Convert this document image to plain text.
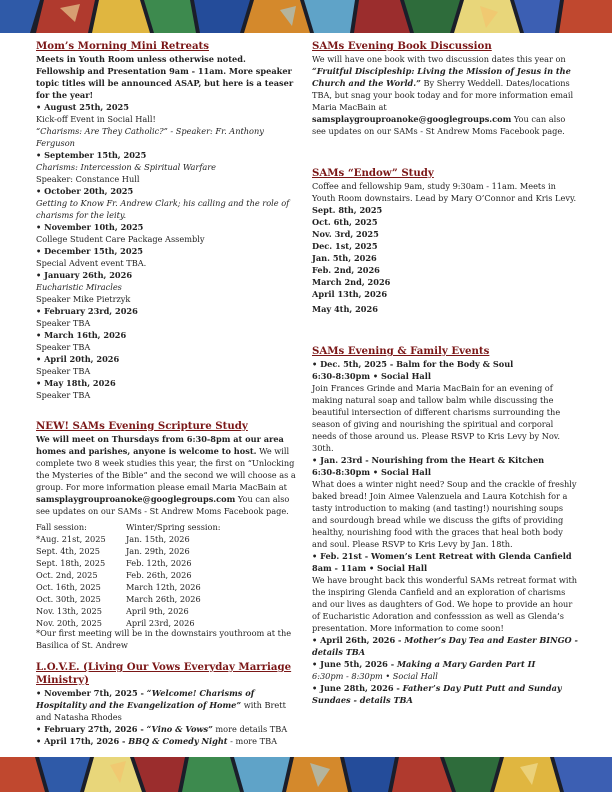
Mom’s Morning Mini Retreats
Meets in Youth Room unless otherwise noted.
Fellowship and Presentation 9am - 11am. More speaker topic titles will be announced ASAP, but here is a teaser for the year!
• August 25th, 2025
Kick-off Event in Social Hall!
“Charisms: Are They Catholic?” - Speaker: Fr. Anthony Ferguson
• September 15th, 2025
Charisms: Intercession & Spiritual Warfare
Speaker: Constance Hull
• October 20th, 2025
Getting to Know Fr. Andrew Clark; his calling and the role of charisms for the leity.
• November 10th, 2025
College Student Care Package Assembly
• December 15th, 2025
Special Advent event TBA.
• January 26th, 2026
Eucharistic Miracles
Speaker Mike Pietrzyk
• February 23rd, 2026
Speaker TBA
• March 16th, 2026
Speaker TBA
• April 20th, 2026
Speaker TBA
• May 18th, 2026
Speaker TBA
NEW! SAMs Evening Scripture Study

We will meet on Thursdays from 6:30-8pm at our area homes and parishes, anyone is welcome to host. We will complete two 8 week studies this year, the first on “Unlocking the Mysteries of the Bible” and the second we will choose as a group. For more information please email Maria MacBain at samsplaygrouproanoke@googlegroups.com You can also see updates on our SAMs - St Andrew Moms Facebook page.

Fall session:
*Aug. 21st, 2025
Sept. 4th, 2025
Sept. 18th, 2025
Oct. 2nd, 2025
Oct. 16th, 2025
Oct. 30th, 2025
Nov. 13th, 2025
Nov. 20th, 2025
Winter/Spring session:
Jan. 15th, 2026
Jan. 29th, 2026
Feb. 12th, 2026
Feb. 26th, 2026
March 12th, 2026
March 26th, 2026
April 9th, 2026
April 23rd, 2026
*Our first meeting will be in the downstairs youthroom at the Basilica of St. Andrew
L.O.V.E. (Living Our Vows Everyday Marriage Ministry)
• November 7th, 2025 - “Welcome! Charisms of Hospitality and the Evangelization of Home” with Brett and Natasha Rhodes
• February 27th, 2026 - “Vino & Vows” more details TBA
• April 17th, 2026 - BBQ & Comedy Night - more TBA
SAMs Evening Book Discussion

We will have one book with two discussion dates this year on “Fruitful Discipleship: Living the Mission of Jesus in the Church and the World.” By Sherry Weddell. Dates/locations TBA, but snag your book today and for more information email Maria MacBain at samsplaygrouproanoke@googlegroups.com You can also see updates on our SAMs - St Andrew Moms Facebook page.

SAMs “Endow” Study
Coffee and fellowship 9am, study 9:30am - 11am. Meets in Youth Room downstairs. Lead by Mary O’Connor and Kris Levy.
Sept. 8th, 2025
Oct. 6th, 2025
Nov. 3rd, 2025
Dec. 1st, 2025
Jan. 5th, 2026
Feb. 2nd, 2026
March 2nd, 2026
April 13th, 2026
May 4th, 2026
SAMs Evening & Family Events
• Dec. 5th, 2025 - Balm for the Body & Soul
6:30-8:30pm • Social Hall
Join Frances Grinde and Maria MacBain for an evening of making natural soap and tallow balm while discussing the beautiful intersection of different charisms surrounding the season of giving and nourishing the spiritual and corporal needs of those around us. Please RSVP to Kris Levy by Nov. 30th.
• Jan. 23rd - Nourishing from the Heart & Kitchen
6:30-8:30pm • Social Hall
What does a winter night need? Soup and the crackle of freshly baked bread! Join Aimee Valenzuela and Laura Kotchish for a tasty introduction to making (and tasting!) nourishing soups and sourdough bread while we discuss the gifts of providing healthy, nourishing food with the graces that heal both body and soul. Please RSVP to Kris Levy by Jan. 18th.
• Feb. 21st - Women’s Lent Retreat with Glenda Canfield
8am - 11am • Social Hall
We have brought back this wonderful SAMs retreat format with the inspiring Glenda Canfield and an exploration of charisms and our lives as daughters of God. We hope to provide an hour of Eucharistic Adoration and confesssion as well as Glenda’s presentation. More information to come soon!
• April 26th, 2026 - Mother’s Day Tea and Easter BINGO - details TBA
• June 5th, 2026 - Making a Mary Garden Part II
6:30pm - 8:30pm • Social Hall
• June 28th, 2026 - Father’s Day Putt Putt and Sunday Sundaes - details TBA
